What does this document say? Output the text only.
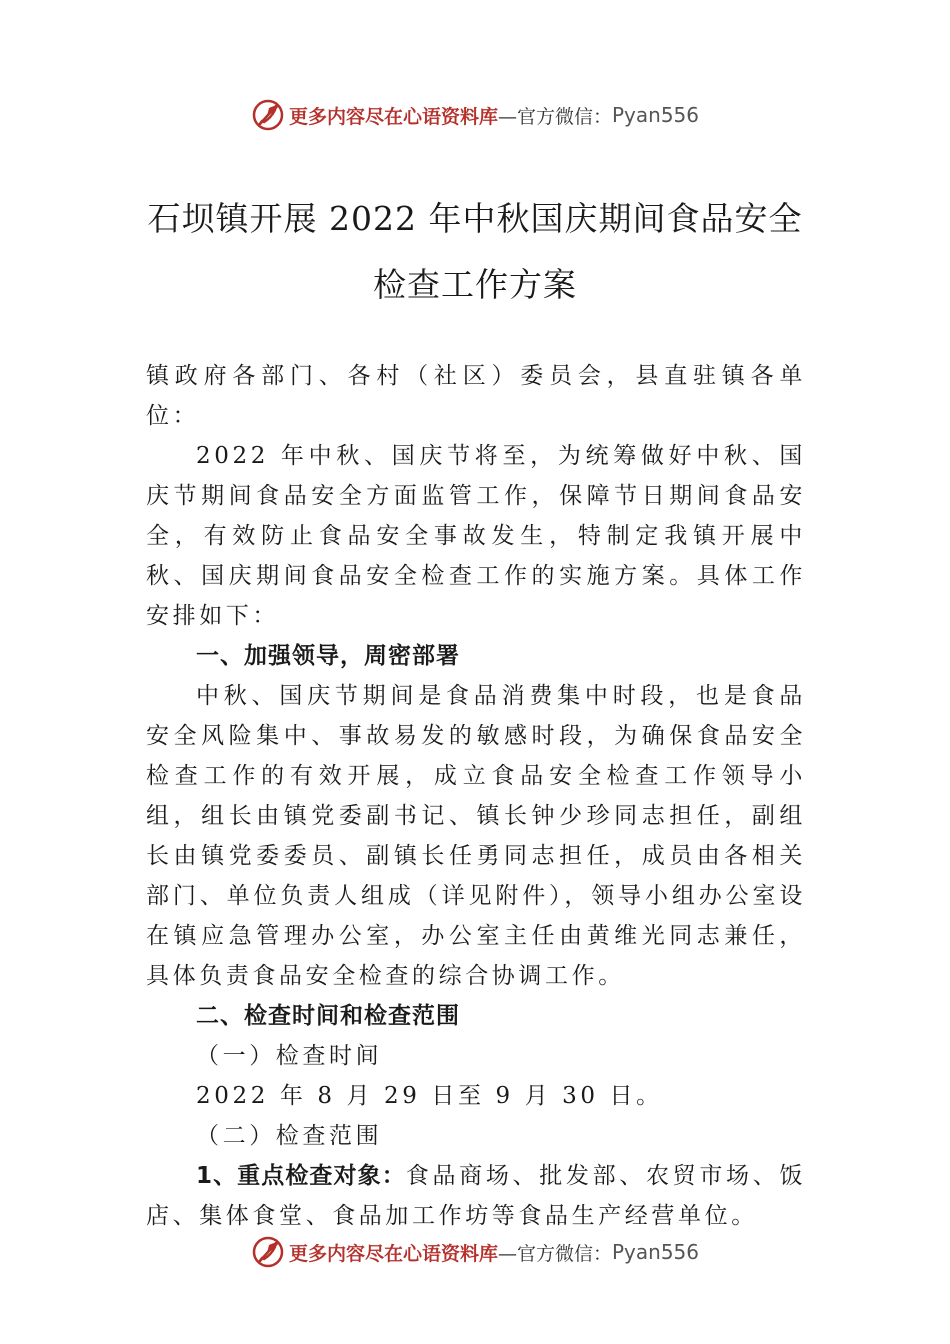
更多内容尽在心语资料库 —官方微信： Pyan556
石坝镇开展 2022 年中秋国庆期间食品安全
检查工作方案

镇政府各部门、各村（社区）委员会，县直驻镇各单位：

2022 年中秋、国庆节将至，为统筹做好中秋、国庆节期间食品安全方面监管工作，保障节日期间食品安全，有效防止食品安全事故发生，特制定我镇开展中秋、国庆期间食品安全检查工作的实施方案。具体工作安排如下：

一、加强领导，周密部署

中秋、国庆节期间是食品消费集中时段，也是食品安全风险集中、事故易发的敏感时段，为确保食品安全检查工作的有效开展，成立食品安全检查工作领导小组，组长由镇党委副书记、镇长钟少珍同志担任，副组长由镇党委委员、副镇长任勇同志担任，成员由各相关部门、单位负责人组成（详见附件），领导小组办公室设在镇应急管理办公室，办公室主任由黄维光同志兼任，具体负责食品安全检查的综合协调工作。

二、检查时间和检查范围

（一）检查时间

2022 年 8 月 29 日至 9 月 30 日。

（二）检查范围

1、重点检查对象：食品商场、批发部、农贸市场、饭店、集体食堂、食品加工作坊等食品生产经营单位。

更多内容尽在心语资料库 —官方微信： Pyan556
